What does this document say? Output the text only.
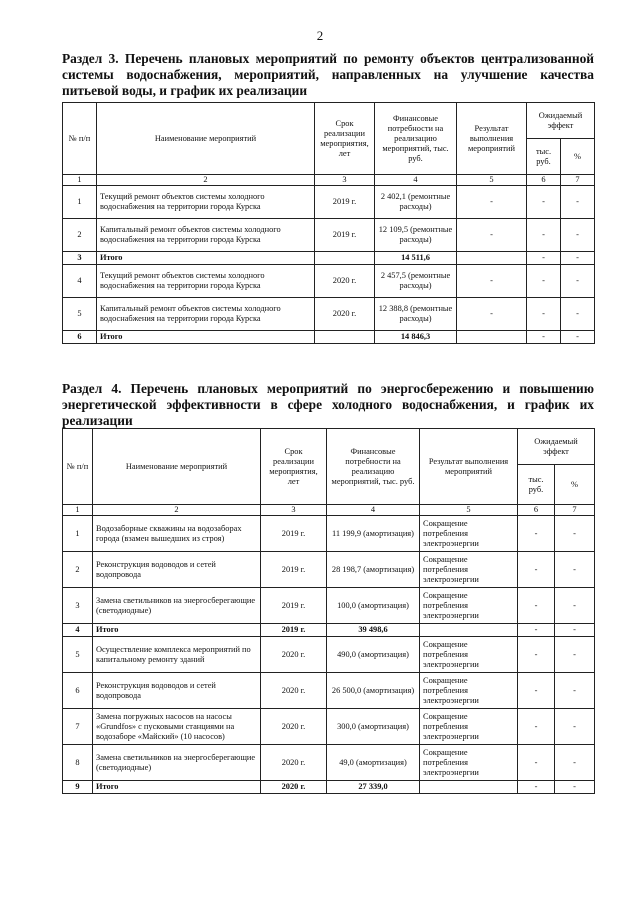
2
Раздел 3. Перечень плановых мероприятий по ремонту объектов централизованной системы водоснабжения, мероприятий, направленных на улучшение качества питьевой воды, и график их реализации
№ п/п	Наименование мероприятий	Срок реализации мероприятия, лет	Финансовые потребности на реализацию мероприятий, тыс. руб.	Результат выполнения мероприятий	Ожидаемый эффект	
					тыс. руб.	%
1	2	3	4	5	6	7
1	Текущий ремонт объектов системы холодного водоснабжения на территории города Курска	2019 г.	2 402,1 (ремонтные расходы)	-	-	-
2	Капитальный ремонт объектов системы холодного водоснабжения на территории города Курска	2019 г.	12 109,5 (ремонтные расходы)	-	-	-
3	Итого		14 511,6		-	-
4	Текущий ремонт объектов системы холодного водоснабжения на территории города Курска	2020 г.	2 457,5 (ремонтные расходы)	-	-	-
5	Капитальный ремонт объектов системы холодного водоснабжения на территории города Курска	2020 г.	12 388,8 (ремонтные расходы)	-	-	-
6	Итого		14 846,3		-	-
Раздел 4. Перечень плановых мероприятий по энергосбережению и повышению энергетической эффективности в сфере холодного водоснабжения, и график их реализации
№ п/п	Наименование мероприятий	Срок реализации мероприятия, лет	Финансовые потребности на реализацию мероприятий, тыс. руб.	Результат выполнения мероприятий	Ожидаемый эффект	
					тыс. руб.	%
1	2	3	4	5	6	7
1	Водозаборные скважины на водозаборах города (взамен вышедших из строя)	2019 г.	11 199,9 (амортизация)	Сокращение потребления электроэнергии	-	-
2	Реконструкция водоводов и сетей водопровода	2019 г.	28 198,7 (амортизация)	Сокращение потребления электроэнергии	-	-
3	Замена светильников на энергосберегающие (светодиодные)	2019 г.	100,0 (амортизация)	Сокращение потребления электроэнергии	-	-
4	Итого	2019 г.	39 498,6		-	-
5	Осуществление комплекса мероприятий по капитальному ремонту зданий	2020 г.	490,0 (амортизация)	Сокращение потребления электроэнергии	-	-
6	Реконструкция водоводов и сетей водопровода	2020 г.	26 500,0 (амортизация)	Сокращение потребления электроэнергии	-	-
7	Замена погружных насосов на насосы «Grundfos» с пусковыми станциями на водозаборе «Майский» (10 насосов)	2020 г.	300,0 (амортизация)	Сокращение потребления электроэнергии	-	-
8	Замена светильников на энергосберегающие (светодиодные)	2020 г.	49,0 (амортизация)	Сокращение потребления электроэнергии	-	-
9	Итого	2020 г.	27 339,0		-	-
